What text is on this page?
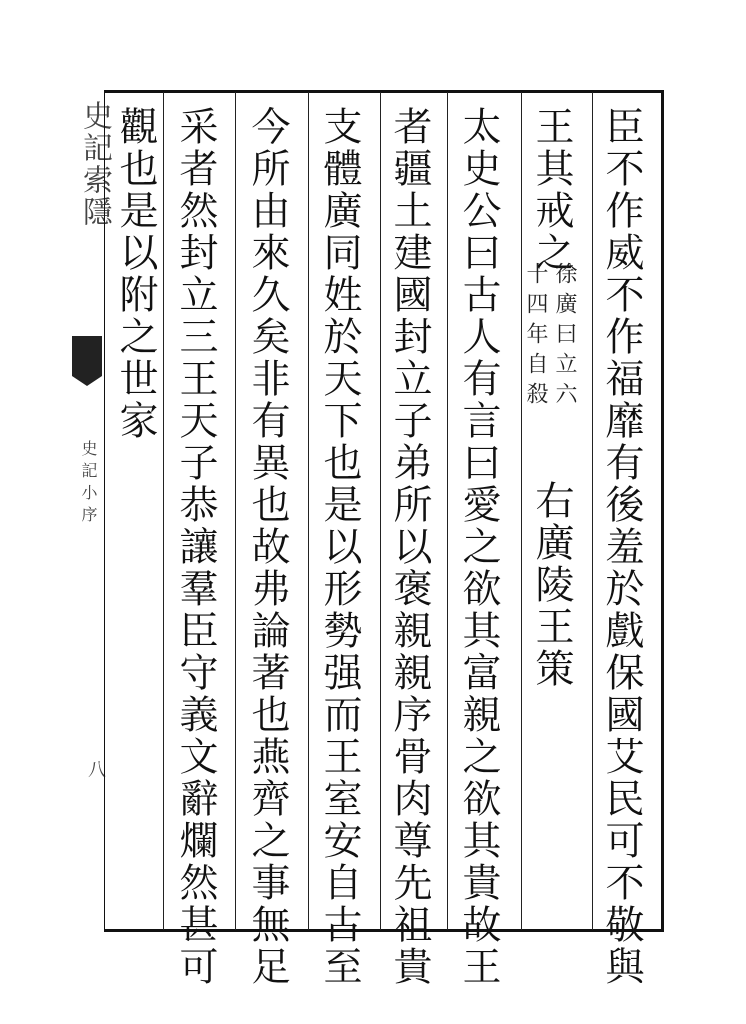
史記索隱
史記小序
八	臣不作威不作福靡有後羞於戲保國艾民可不敬與
王其戒之
徐廣曰立六
十四年自殺
右廣陵王策
太史公曰古人有言曰愛之欲其富親之欲其貴故王
者疆土建國封立子弟所以褒親親序骨肉尊先祖貴
支體廣同姓於天下也是以形勢强而王室安自古至
今所由來久矣非有異也故弗論著也燕齊之事無足
采者然封立三王天子恭讓羣臣守義文辭爛然甚可
觀也是以附之世家
